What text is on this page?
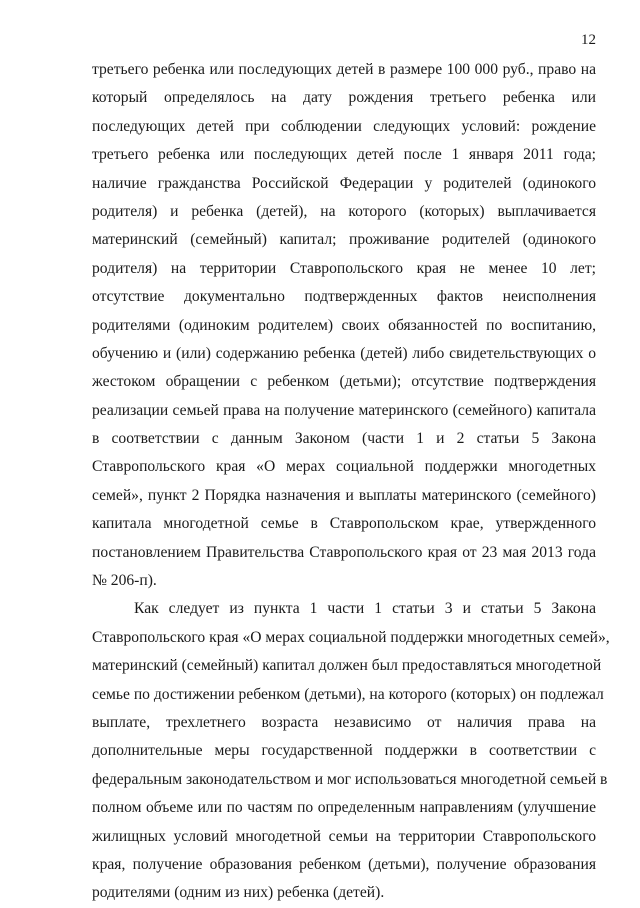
12
третьего ребенка или последующих детей в размере 100 000 руб., право на
который определялось на дату рождения третьего ребенка или
последующих детей при соблюдении следующих условий: рождение
третьего ребенка или последующих детей после 1 января 2011 года;
наличие гражданства Российской Федерации у родителей (одинокого
родителя) и ребенка (детей), на которого (которых) выплачивается
материнский (семейный) капитал; проживание родителей (одинокого
родителя) на территории Ставропольского края не менее 10 лет;
отсутствие документально подтвержденных фактов неисполнения
родителями (одиноким родителем) своих обязанностей по воспитанию,
обучению и (или) содержанию ребенка (детей) либо свидетельствующих о
жестоком обращении с ребенком (детьми); отсутствие подтверждения
реализации семьей права на получение материнского (семейного) капитала
в соответствии с данным Законом (части 1 и 2 статьи 5 Закона
Ставропольского края «О мерах социальной поддержки многодетных
семей», пункт 2 Порядка назначения и выплаты материнского (семейного)
капитала многодетной семье в Ставропольском крае, утвержденного
постановлением Правительства Ставропольского края от 23 мая 2013 года
№ 206-п).
Как следует из пункта 1 части 1 статьи 3 и статьи 5 Закона
Ставропольского края «О мерах социальной поддержки многодетных семей»,
материнский (семейный) капитал должен был предоставляться многодетной
семье по достижении ребенком (детьми), на которого (которых) он подлежал
выплате, трехлетнего возраста независимо от наличия права на
дополнительные меры государственной поддержки в соответствии с
федеральным законодательством и мог использоваться многодетной семьей в
полном объеме или по частям по определенным направлениям (улучшение
жилищных условий многодетной семьи на территории Ставропольского
края, получение образования ребенком (детьми), получение образования
родителями (одним из них) ребенка (детей).
